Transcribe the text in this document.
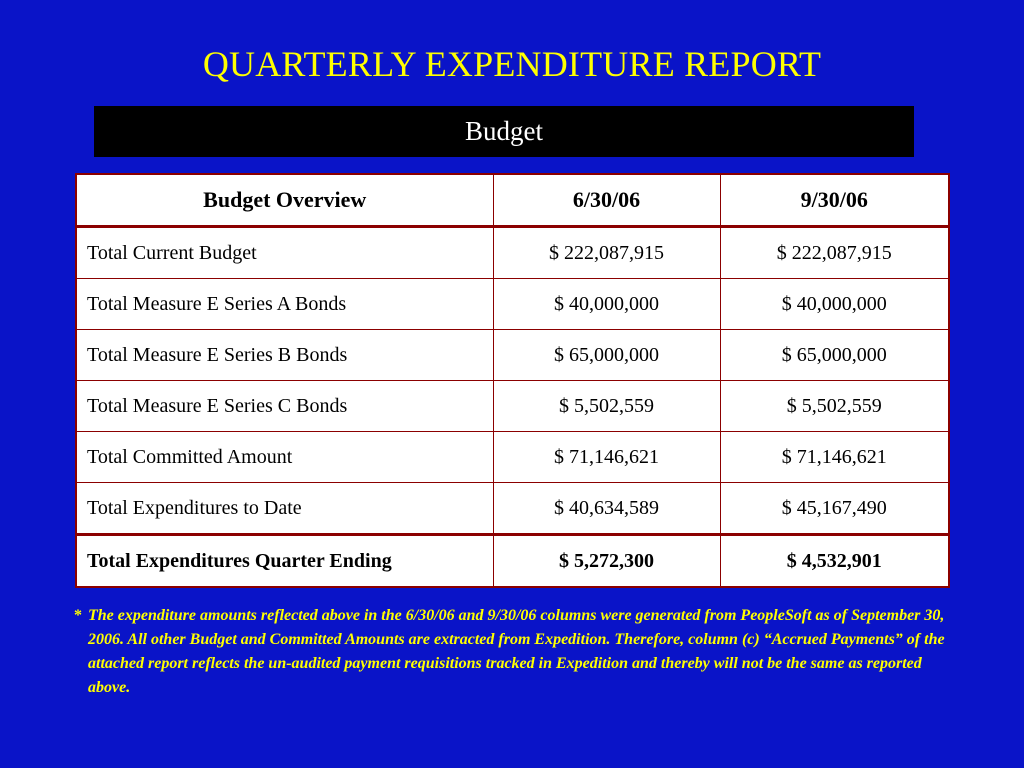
QUARTERLY EXPENDITURE REPORT
Budget
Budget Overview	6/30/06	9/30/06
Total Current Budget	$ 222,087,915	$ 222,087,915
Total Measure E Series A Bonds	$ 40,000,000	$ 40,000,000
Total Measure E Series B Bonds	$ 65,000,000	$ 65,000,000
Total Measure E Series C Bonds	$ 5,502,559	$ 5,502,559
Total Committed Amount	$ 71,146,621	$ 71,146,621
Total Expenditures to Date	$ 40,634,589	$ 45,167,490
Total Expenditures Quarter Ending	$ 5,272,300	$ 4,532,901
* The expenditure amounts reflected above in the 6/30/06 and 9/30/06 columns were generated from PeopleSoft as of September 30, 2006. All other Budget and Committed Amounts are extracted from Expedition. Therefore, column (c) “Accrued Payments” of the attached report reflects the un-audited payment requisitions tracked in Expedition and thereby will not be the same as reported above.
